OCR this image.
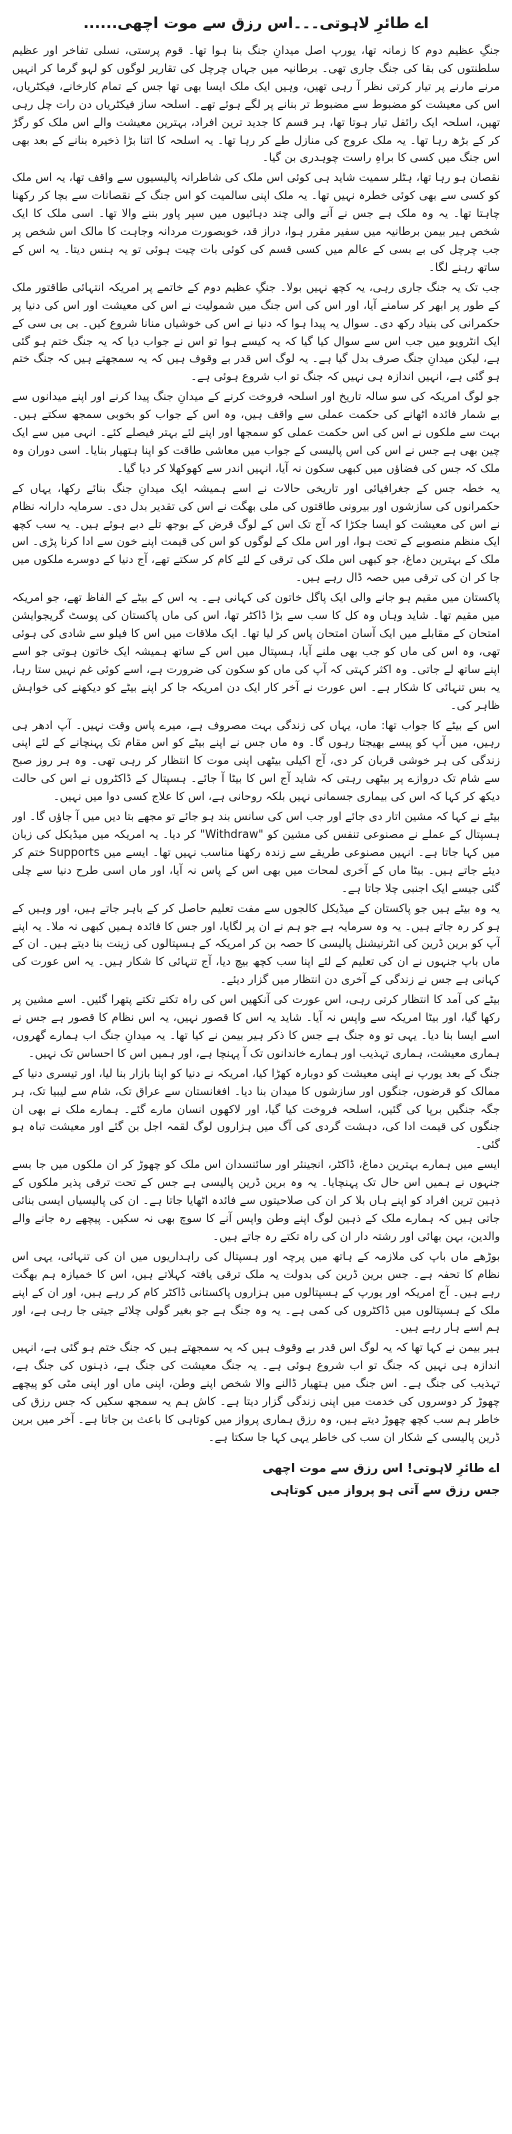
اے طائرِ لاہوتی۔۔۔اس رزق سے موت اچھی......

جنگِ عظیم دوم کا زمانہ تھا، یورپ اصل میدانِ جنگ بنا ہوا تھا۔ قوم پرستی، نسلی تفاخر اور عظیم سلطنتوں کی بقا کی جنگ جاری تھی۔ برطانیہ میں جہاں چرچل کی تقاریر لوگوں کو لہو گرما کر انہیں مرنے مارنے پر تیار کرتی نظر آ رہی تھیں، وہیں ایک ملک ایسا بھی تھا جس کے تمام کارخانے، فیکٹریاں، اس کی معیشت کو مضبوط سے مضبوط تر بنانے پر لگے ہوئے تھے۔ اسلحہ ساز فیکٹریاں دن رات چل رہی تھیں، اسلحہ ایک رائفل تیار ہوتا تھا، ہر قسم کا جدید ترین افراد، بہترین معیشت والے اس ملک کو رگڑ کر کے بڑھ رہا تھا۔ یہ ملک عروج کی منازل طے کر رہا تھا۔ یہ اسلحہ کا اتنا بڑا ذخیرہ بنانے کے بعد بھی اس جنگ میں کسی کا براہِ راست چوہدری بن گیا۔

نقصان ہو رہا تھا، ہٹلر سمیت شاید ہی کوئی اس ملک کی شاطرانہ پالیسیوں سے واقف تھا، یہ اس ملک کو کسی سے بھی کوئی خطرہ نہیں تھا۔ یہ ملک اپنی سالمیت کو اس جنگ کے نقصانات سے بچا کر رکھنا چاہتا تھا۔ یہ وہ ملک ہے جس نے آنے والی چند دہائیوں میں سپر پاور بننے والا تھا۔ اسی ملک کا ایک شخص ہیر بیمن برطانیہ میں سفیر مقرر ہوا، دراز قد، خوبصورت مردانہ وجاہت کا مالک اس شخص پر جب چرچل کی بے بسی کے عالم میں کسی قسم کی کوئی بات چیت ہوئی تو یہ ہنس دیتا۔ یہ اس کے ساتھ رہنے لگا۔

جب تک یہ جنگ جاری رہی، یہ کچھ نہیں بولا۔ جنگِ عظیم دوم کے خاتمے پر امریکہ انتہائی طاقتور ملک کے طور پر ابھر کر سامنے آیا، اور اس کی اس جنگ میں شمولیت نے اس کی معیشت اور اس کی دنیا پر حکمرانی کی بنیاد رکھ دی۔ سوال یہ پیدا ہوا کہ دنیا نے اس کی خوشیاں منانا شروع کیں۔ بی بی سی کے ایک انٹرویو میں جب اس سے سوال کیا گیا کہ یہ کیسے ہوا تو اس نے جواب دیا کہ یہ جنگ ختم ہو گئی ہے، لیکن میدانِ جنگ صرف بدل گیا ہے۔ یہ لوگ اس قدر بے وقوف ہیں کہ یہ سمجھتے ہیں کہ جنگ ختم ہو گئی ہے، انہیں اندازہ ہی نہیں کہ جنگ تو اب شروع ہوئی ہے۔

جو لوگ امریکہ کی سو سالہ تاریخ اور اسلحہ فروخت کرنے کے میدانِ جنگ پیدا کرنے اور اپنے میدانوں سے بے شمار فائدہ اٹھانے کی حکمت عملی سے واقف ہیں، وہ اس کے جواب کو بخوبی سمجھ سکتے ہیں۔ بہت سے ملکوں نے اس کی اس حکمت عملی کو سمجھا اور اپنے لئے بہتر فیصلے کئے۔ انہی میں سے ایک چین بھی ہے جس نے اس کی اس پالیسی کے جواب میں معاشی طاقت کو اپنا ہتھیار بنایا۔ اسی دوران وہ ملک کہ جس کی فضاؤں میں کبھی سکون نہ آیا، انہیں اندر سے کھوکھلا کر دیا گیا۔

یہ خطہ جس کے جغرافیائی اور تاریخی حالات نے اسے ہمیشہ ایک میدانِ جنگ بنائے رکھا، یہاں کے حکمرانوں کی سازشوں اور بیرونی طاقتوں کی ملی بھگت نے اس کی تقدیر بدل دی۔ سرمایہ دارانہ نظام نے اس کی معیشت کو ایسا جکڑا کہ آج تک اس کے لوگ قرض کے بوجھ تلے دبے ہوئے ہیں۔ یہ سب کچھ ایک منظم منصوبے کے تحت ہوا، اور اس ملک کے لوگوں کو اس کی قیمت اپنے خون سے ادا کرنا پڑی۔ اس ملک کے بہترین دماغ، جو کبھی اس ملک کی ترقی کے لئے کام کر سکتے تھے، آج دنیا کے دوسرے ملکوں میں جا کر ان کی ترقی میں حصہ ڈال رہے ہیں۔

پاکستان میں مقیم ہو جانے والی ایک پاگل خاتون کی کہانی ہے۔ یہ اس کے بیٹے کے الفاظ تھے، جو امریکہ میں مقیم تھا۔ شاید وہاں وہ کل کا سب سے بڑا ڈاکٹر تھا، اس کی ماں پاکستان کی پوسٹ گریجوایشن امتحان کے مقابلے میں ایک آسان امتحان پاس کر لیا تھا۔ ایک ملاقات میں اس کا فیلو سے شادی کی ہوئی تھی، وہ اس کی ماں کو جب بھی ملنے آیا، ہسپتال میں اس کے ساتھ ہمیشہ ایک خاتون ہوتی جو اسے اپنے ساتھ لے جاتی۔ وہ اکثر کہتی کہ آپ کی ماں کو سکون کی ضرورت ہے، اسے کوئی غم نہیں ستا رہا، یہ بس تنہائی کا شکار ہے۔ اس عورت نے آخر کار ایک دن امریکہ جا کر اپنے بیٹے کو دیکھنے کی خواہش ظاہر کی۔

اس کے بیٹے کا جواب تھا: ماں، یہاں کی زندگی بہت مصروف ہے، میرے پاس وقت نہیں۔ آپ ادھر ہی رہیں، میں آپ کو پیسے بھیجتا رہوں گا۔ وہ ماں جس نے اپنے بیٹے کو اس مقام تک پہنچانے کے لئے اپنی زندگی کی ہر خوشی قربان کر دی، آج اکیلی بیٹھی اپنی موت کا انتظار کر رہی تھی۔ وہ ہر روز صبح سے شام تک دروازے پر بیٹھی رہتی کہ شاید آج اس کا بیٹا آ جائے۔ ہسپتال کے ڈاکٹروں نے اس کی حالت دیکھ کر کہا کہ اس کی بیماری جسمانی نہیں بلکہ روحانی ہے، اس کا علاج کسی دوا میں نہیں۔

بیٹے نے کہا کہ مشین اتار دی جائے اور جب اس کی سانس بند ہو جائے تو مجھے بتا دیں میں آ جاؤں گا۔ اور ہسپتال کے عملے نے مصنوعی تنفس کی مشین کو "Withdraw" کر دیا۔ یہ امریکہ میں میڈیکل کی زبان میں کہا جاتا ہے۔ انہیں مصنوعی طریقے سے زندہ رکھنا مناسب نہیں تھا۔ ایسے میں Supports ختم کر دیئے جاتے ہیں۔ بیٹا ماں کے آخری لمحات میں بھی اس کے پاس نہ آیا، اور ماں اسی طرح دنیا سے چلی گئی جیسے ایک اجنبی چلا جاتا ہے۔

یہ وہ بیٹے ہیں جو پاکستان کے میڈیکل کالجوں سے مفت تعلیم حاصل کر کے باہر جاتے ہیں، اور وہیں کے ہو کر رہ جاتے ہیں۔ یہ وہ سرمایہ ہے جو ہم نے ان پر لگایا، اور جس کا فائدہ ہمیں کبھی نہ ملا۔ یہ اپنے آپ کو برین ڈرین کی انٹرنیشنل پالیسی کا حصہ بن کر امریکہ کے ہسپتالوں کی زینت بنا دیتے ہیں۔ ان کے ماں باپ جنہوں نے ان کی تعلیم کے لئے اپنا سب کچھ بیچ دیا، آج تنہائی کا شکار ہیں۔ یہ اس عورت کی کہانی ہے جس نے زندگی کے آخری دن انتظار میں گزار دیئے۔

بیٹے کی آمد کا انتظار کرتی رہی، اس عورت کی آنکھیں اس کی راہ تکتے تکتے پتھرا گئیں۔ اسے مشین پر رکھا گیا، اور بیٹا امریکہ سے واپس نہ آیا۔ شاید یہ اس کا قصور نہیں، یہ اس نظام کا قصور ہے جس نے اسے ایسا بنا دیا۔ یہی تو وہ جنگ ہے جس کا ذکر ہیر بیمن نے کیا تھا۔ یہ میدانِ جنگ اب ہمارے گھروں، ہماری معیشت، ہماری تہذیب اور ہمارے خاندانوں تک آ پہنچا ہے، اور ہمیں اس کا احساس تک نہیں۔

جنگ کے بعد یورپ نے اپنی معیشت کو دوبارہ کھڑا کیا، امریکہ نے دنیا کو اپنا بازار بنا لیا، اور تیسری دنیا کے ممالک کو قرضوں، جنگوں اور سازشوں کا میدان بنا دیا۔ افغانستان سے عراق تک، شام سے لیبیا تک، ہر جگہ جنگیں برپا کی گئیں، اسلحہ فروخت کیا گیا، اور لاکھوں انسان مارے گئے۔ ہمارے ملک نے بھی ان جنگوں کی قیمت ادا کی، دہشت گردی کی آگ میں ہزاروں لوگ لقمہ اجل بن گئے اور معیشت تباہ ہو گئی۔

ایسے میں ہمارے بہترین دماغ، ڈاکٹر، انجینئر اور سائنسدان اس ملک کو چھوڑ کر ان ملکوں میں جا بسے جنہوں نے ہمیں اس حال تک پہنچایا۔ یہ وہ برین ڈرین پالیسی ہے جس کے تحت ترقی پذیر ملکوں کے ذہین ترین افراد کو اپنے ہاں بلا کر ان کی صلاحیتوں سے فائدہ اٹھایا جاتا ہے۔ ان کی پالیسیاں ایسی بنائی جاتی ہیں کہ ہمارے ملک کے ذہین لوگ اپنے وطن واپس آنے کا سوچ بھی نہ سکیں۔ پیچھے رہ جانے والے والدین، بہن بھائی اور رشتہ دار ان کی راہ تکتے رہ جاتے ہیں۔

بوڑھے ماں باپ کی ملازمہ کے ہاتھ میں پرچہ اور ہسپتال کی راہداریوں میں ان کی تنہائی، یہی اس نظام کا تحفہ ہے۔ جس برین ڈرین کی بدولت یہ ملک ترقی یافتہ کہلاتے ہیں، اس کا خمیازہ ہم بھگت رہے ہیں۔ آج امریکہ اور یورپ کے ہسپتالوں میں ہزاروں پاکستانی ڈاکٹر کام کر رہے ہیں، اور ان کے اپنے ملک کے ہسپتالوں میں ڈاکٹروں کی کمی ہے۔ یہ وہ جنگ ہے جو بغیر گولی چلائے جیتی جا رہی ہے، اور ہم اسے ہار رہے ہیں۔

ہیر بیمن نے کہا تھا کہ یہ لوگ اس قدر بے وقوف ہیں کہ یہ سمجھتے ہیں کہ جنگ ختم ہو گئی ہے، انہیں اندازہ ہی نہیں کہ جنگ تو اب شروع ہوئی ہے۔ یہ جنگ معیشت کی جنگ ہے، ذہنوں کی جنگ ہے، تہذیب کی جنگ ہے۔ اس جنگ میں ہتھیار ڈالنے والا شخص اپنے وطن، اپنی ماں اور اپنی مٹی کو پیچھے چھوڑ کر دوسروں کی خدمت میں اپنی زندگی گزار دیتا ہے۔ کاش ہم یہ سمجھ سکیں کہ جس رزق کی خاطر ہم سب کچھ چھوڑ دیتے ہیں، وہ رزق ہماری پرواز میں کوتاہی کا باعث بن جاتا ہے۔ آخر میں برین ڈرین پالیسی کے شکار ان سب کی خاطر یہی کہا جا سکتا ہے۔

اے طائرِ لاہوتی! اس رزق سے موت اچھی
جس رزق سے آتی ہو پرواز میں کوتاہی
